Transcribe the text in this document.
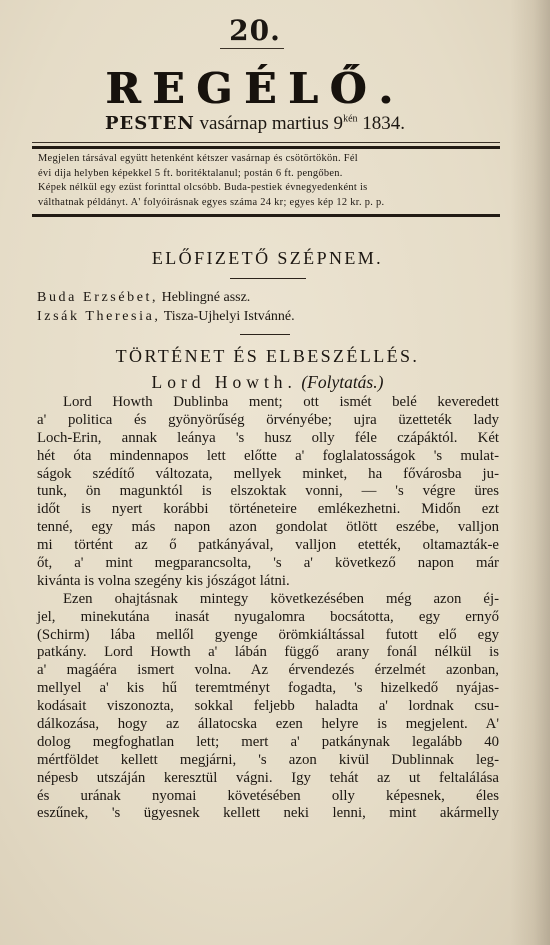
20.
REGÉLŐ.
PESTEN vasárnap martius $9^{kén}$ 1834.
Megjelen társával együtt hetenként kétszer vasárnap és csötörtökön. Fél
évi dija helyben képekkel 5 ft. boritéktalanul; postán 6 ft. pengőben.
Képek nélkül egy ezüst forinttal olcsóbb. Buda-pestiek évnegyedenként is
válthatnak példányt. A' folyóirásnak egyes száma 24 kr; egyes kép 12 kr. p. p.
ELŐFIZETŐ SZÉPNEM.
Buda Erzsébet, Heblingné assz.
Izsák Theresia, Tisza-Ujhelyi Istvánné.
TÖRTÉNET ÉS ELBESZÉLLÉS.
Lord Howth. (Folytatás.)
Lord Howth Dublinba ment; ott ismét belé keveredett
a' politica és gyönyörűség örvényébe; ujra üzetteték lady
Loch-Erin, annak leánya 's husz olly féle czápáktól. Két
hét óta mindennapos lett előtte a' foglalatosságok 's mulat-
ságok szédítő változata, mellyek minket, ha fővárosba ju-
tunk, ön magunktól is elszoktak vonni, — 's végre üres
időt is nyert korábbi történeteire emlékezhetni. Midőn ezt
tenné, egy más napon azon gondolat ötlött eszébe, valljon
mi történt az ő patkányával, valljon etették, oltamazták-e
őt, a' mint megparancsolta, 's a' következő napon már
kivánta is volna szegény kis jószágot látni.
Ezen ohajtásnak mintegy következésében még azon éj-
jel, minekutána inasát nyugalomra bocsátotta, egy ernyő
(Schirm) lába mellől gyenge örömkiáltással futott elő egy
patkány. Lord Howth a' lábán függő arany fonál nélkül is
a' magáéra ismert volna. Az érvendezés érzelmét azonban,
mellyel a' kis hű teremtményt fogadta, 's hizelkedő nyájas-
kodásait viszonozta, sokkal feljebb haladta a' lordnak csu-
dálkozása, hogy az állatocska ezen helyre is megjelent. A'
dolog megfoghatlan lett; mert a' patkánynak legalább 40
mértföldet kellett megjárni, 's azon kivül Dublinnak leg-
népesb utszáján keresztül vágni. Igy tehát az ut feltalálása
és urának nyomai követésében olly képesnek, éles
eszűnek, 's ügyesnek kellett neki lenni, mint akármelly
